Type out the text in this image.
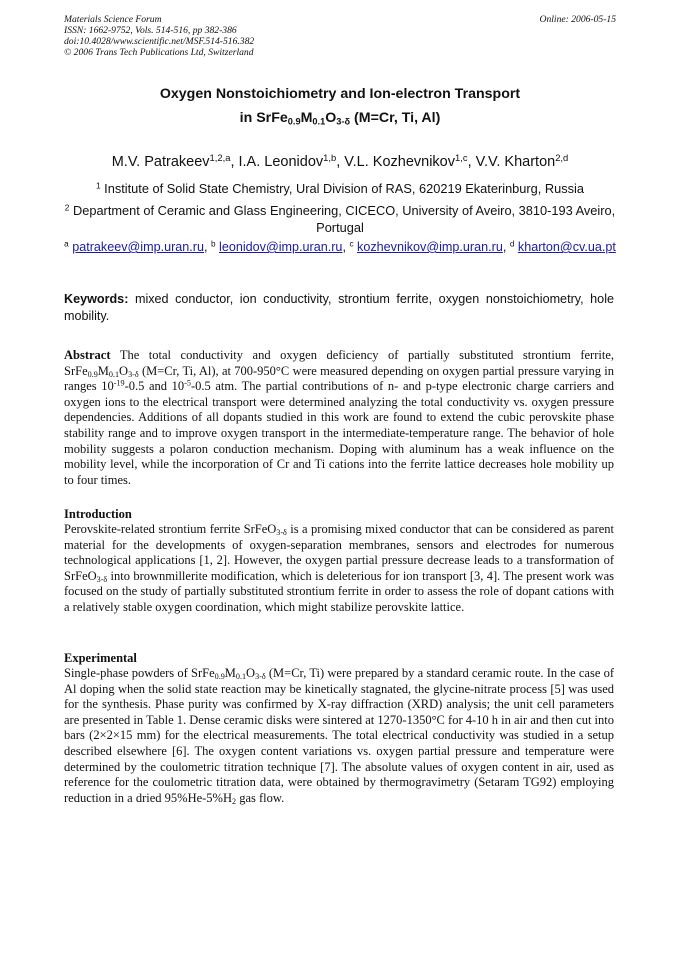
Materials Science Forum
ISSN: 1662-9752, Vols. 514-516, pp 382-386
doi:10.4028/www.scientific.net/MSF.514-516.382
© 2006 Trans Tech Publications Ltd, Switzerland
Online: 2006-05-15
Oxygen Nonstoichiometry and Ion-electron Transport
in $SrFe_{0.9}M_{0.1}O_{3-\delta}$ (M=Cr, Ti, Al)
M.V. Patrakeev$^{1,2,a}$, I.A. Leonidov$^{1,b}$, V.L. Kozhevnikov$^{1,c}$, V.V. Kharton$^{2,d}$
$^1$ Institute of Solid State Chemistry, Ural Division of RAS, 620219 Ekaterinburg, Russia
$^2$ Department of Ceramic and Glass Engineering, CICECO, University of Aveiro, 3810-193 Aveiro, Portugal
$^a$ patrakeev@imp.uran.ru, $^b$ leonidov@imp.uran.ru, $^c$ kozhevnikov@imp.uran.ru, $^d$ kharton@cv.ua.pt
Keywords: mixed conductor, ion conductivity, strontium ferrite, oxygen nonstoichiometry, hole mobility.
Abstract The total conductivity and oxygen deficiency of partially substituted strontium ferrite, $SrFe_{0.9}M_{0.1}O_{3-\delta}$ (M=Cr, Ti, Al), at 700-950°C were measured depending on oxygen partial pressure varying in ranges $10^{-19}-0.5$ and $10^{-5}-0.5$ atm. The partial contributions of n- and p-type electronic charge carriers and oxygen ions to the electrical transport were determined analyzing the total conductivity vs. oxygen pressure dependencies. Additions of all dopants studied in this work are found to extend the cubic perovskite phase stability range and to improve oxygen transport in the intermediate-temperature range. The behavior of hole mobility suggests a polaron conduction mechanism. Doping with aluminum has a weak influence on the mobility level, while the incorporation of Cr and Ti cations into the ferrite lattice decreases hole mobility up to four times.
Introduction
Perovskite-related strontium ferrite SrFeO$_{3-\delta}$ is a promising mixed conductor that can be considered as parent material for the developments of oxygen-separation membranes, sensors and electrodes for numerous technological applications [1, 2]. However, the oxygen partial pressure decrease leads to a transformation of SrFeO$_{3-\delta}$ into brownmillerite modification, which is deleterious for ion transport [3, 4]. The present work was focused on the study of partially substituted strontium ferrite in order to assess the role of dopant cations with a relatively stable oxygen coordination, which might stabilize perovskite lattice.
Experimental
Single-phase powders of $SrFe_{0.9}M_{0.1}O_{3-\delta}$ (M=Cr, Ti) were prepared by a standard ceramic route. In the case of Al doping when the solid state reaction may be kinetically stagnated, the glycine-nitrate process [5] was used for the synthesis. Phase purity was confirmed by X-ray diffraction (XRD) analysis; the unit cell parameters are presented in Table 1. Dense ceramic disks were sintered at 1270-1350°C for 4-10 h in air and then cut into bars (2×2×15 mm) for the electrical measurements. The total electrical conductivity was studied in a setup described elsewhere [6]. The oxygen content variations vs. oxygen partial pressure and temperature were determined by the coulometric titration technique [7]. The absolute values of oxygen content in air, used as reference for the coulometric titration data, were obtained by thermogravimetry (Setaram TG92) employing reduction in a dried $95\%He-5\%H_2$ gas flow.
